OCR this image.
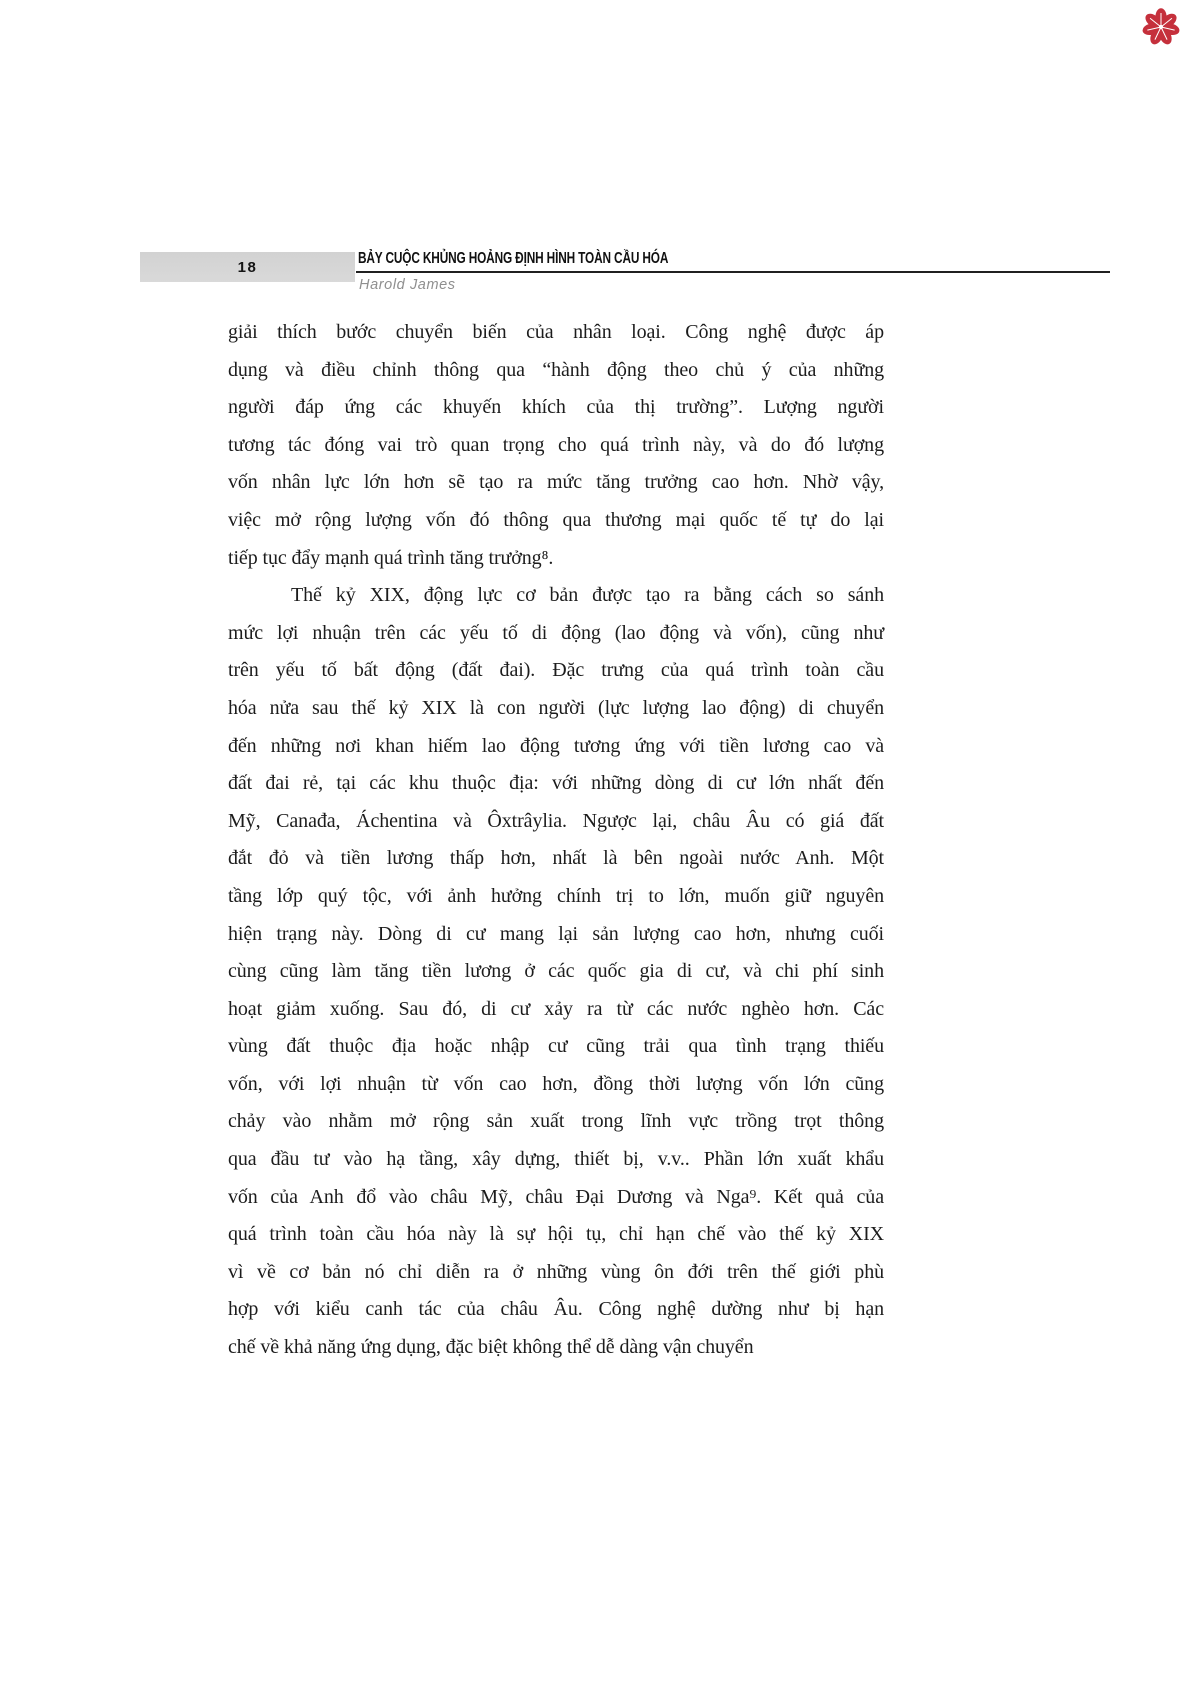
18	BẢY CUỘC KHỦNG HOẢNG ĐỊNH HÌNH TOÀN CẦU HÓA
Harold James
giải thích bước chuyển biến của nhân loại. Công nghệ được áp
dụng và điều chỉnh thông qua “hành động theo chủ ý của những
người đáp ứng các khuyến khích của thị trường”. Lượng người
tương tác đóng vai trò quan trọng cho quá trình này, và do đó lượng
vốn nhân lực lớn hơn sẽ tạo ra mức tăng trưởng cao hơn. Nhờ vậy,
việc mở rộng lượng vốn đó thông qua thương mại quốc tế tự do lại
tiếp tục đẩy mạnh quá trình tăng trưởng⁸.
Thế kỷ XIX, động lực cơ bản được tạo ra bằng cách so sánh
mức lợi nhuận trên các yếu tố di động (lao động và vốn), cũng như
trên yếu tố bất động (đất đai). Đặc trưng của quá trình toàn cầu
hóa nửa sau thế kỷ XIX là con người (lực lượng lao động) di chuyển
đến những nơi khan hiếm lao động tương ứng với tiền lương cao và
đất đai rẻ, tại các khu thuộc địa: với những dòng di cư lớn nhất đến
Mỹ, Canađa, Áchentina và Ôxtrâylia. Ngược lại, châu Âu có giá đất
đắt đỏ và tiền lương thấp hơn, nhất là bên ngoài nước Anh. Một
tầng lớp quý tộc, với ảnh hưởng chính trị to lớn, muốn giữ nguyên
hiện trạng này. Dòng di cư mang lại sản lượng cao hơn, nhưng cuối
cùng cũng làm tăng tiền lương ở các quốc gia di cư, và chi phí sinh
hoạt giảm xuống. Sau đó, di cư xảy ra từ các nước nghèo hơn. Các
vùng đất thuộc địa hoặc nhập cư cũng trải qua tình trạng thiếu
vốn, với lợi nhuận từ vốn cao hơn, đồng thời lượng vốn lớn cũng
chảy vào nhằm mở rộng sản xuất trong lĩnh vực trồng trọt thông
qua đầu tư vào hạ tầng, xây dựng, thiết bị, v.v.. Phần lớn xuất khẩu
vốn của Anh đổ vào châu Mỹ, châu Đại Dương và Nga⁹. Kết quả của
quá trình toàn cầu hóa này là sự hội tụ, chỉ hạn chế vào thế kỷ XIX
vì về cơ bản nó chỉ diễn ra ở những vùng ôn đới trên thế giới phù
hợp với kiểu canh tác của châu Âu. Công nghệ dường như bị hạn
chế về khả năng ứng dụng, đặc biệt không thể dễ dàng vận chuyển
